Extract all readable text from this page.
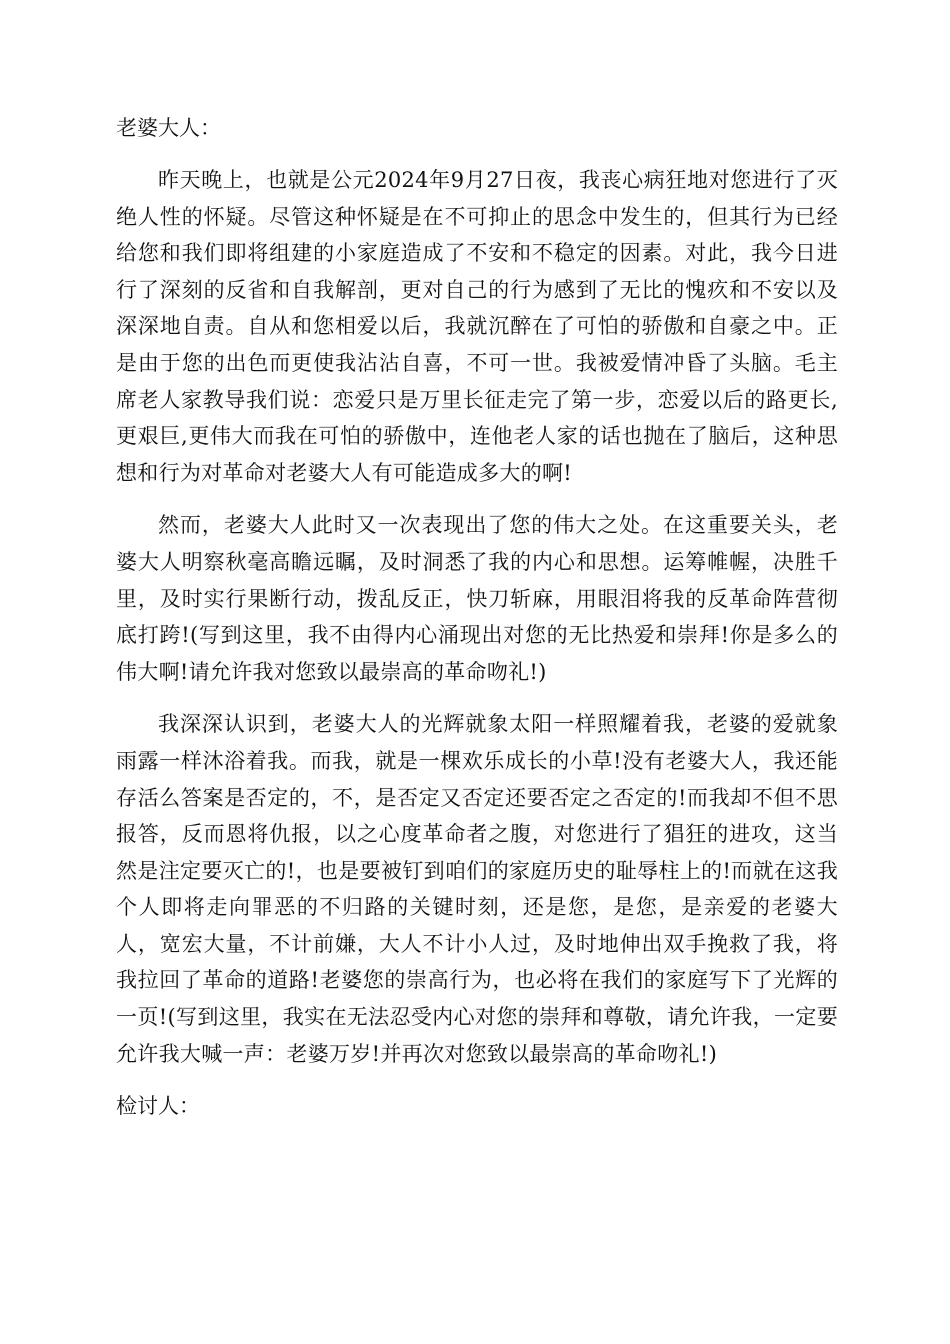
老婆大人：

昨天晚上，也就是公元2024年9月27日夜，我丧心病狂地对您进行了灭绝人性的怀疑。尽管这种怀疑是在不可抑止的思念中发生的，但其行为已经给您和我们即将组建的小家庭造成了不安和不稳定的因素。对此，我今日进行了深刻的反省和自我解剖，更对自己的行为感到了无比的愧疚和不安以及深深地自责。自从和您相爱以后，我就沉醉在了可怕的骄傲和自豪之中。正是由于您的出色而更使我沾沾自喜，不可一世。我被爱情冲昏了头脑。毛主席老人家教导我们说：恋爱只是万里长征走完了第一步，恋爱以后的路更长,更艰巨,更伟大而我在可怕的骄傲中，连他老人家的话也抛在了脑后，这种思想和行为对革命对老婆大人有可能造成多大的啊!

然而，老婆大人此时又一次表现出了您的伟大之处。在这重要关头，老婆大人明察秋毫高瞻远瞩，及时洞悉了我的内心和思想。运筹帷幄，决胜千里，及时实行果断行动，拨乱反正，快刀斩麻，用眼泪将我的反革命阵营彻底打跨!(写到这里，我不由得内心涌现出对您的无比热爱和崇拜!你是多么的伟大啊!请允许我对您致以最崇高的革命吻礼!)

我深深认识到，老婆大人的光辉就象太阳一样照耀着我，老婆的爱就象雨露一样沐浴着我。而我，就是一棵欢乐成长的小草!没有老婆大人，我还能存活么答案是否定的，不，是否定又否定还要否定之否定的!而我却不但不思报答，反而恩将仇报，以之心度革命者之腹，对您进行了猖狂的进攻，这当然是注定要灭亡的!，也是要被钉到咱们的家庭历史的耻辱柱上的!而就在这我个人即将走向罪恶的不归路的关键时刻，还是您，是您，是亲爱的老婆大人，宽宏大量，不计前嫌，大人不计小人过，及时地伸出双手挽救了我，将我拉回了革命的道路!老婆您的崇高行为，也必将在我们的家庭写下了光辉的一页!(写到这里，我实在无法忍受内心对您的崇拜和尊敬，请允许我，一定要允许我大喊一声：老婆万岁!并再次对您致以最崇高的革命吻礼!)

检讨人：
